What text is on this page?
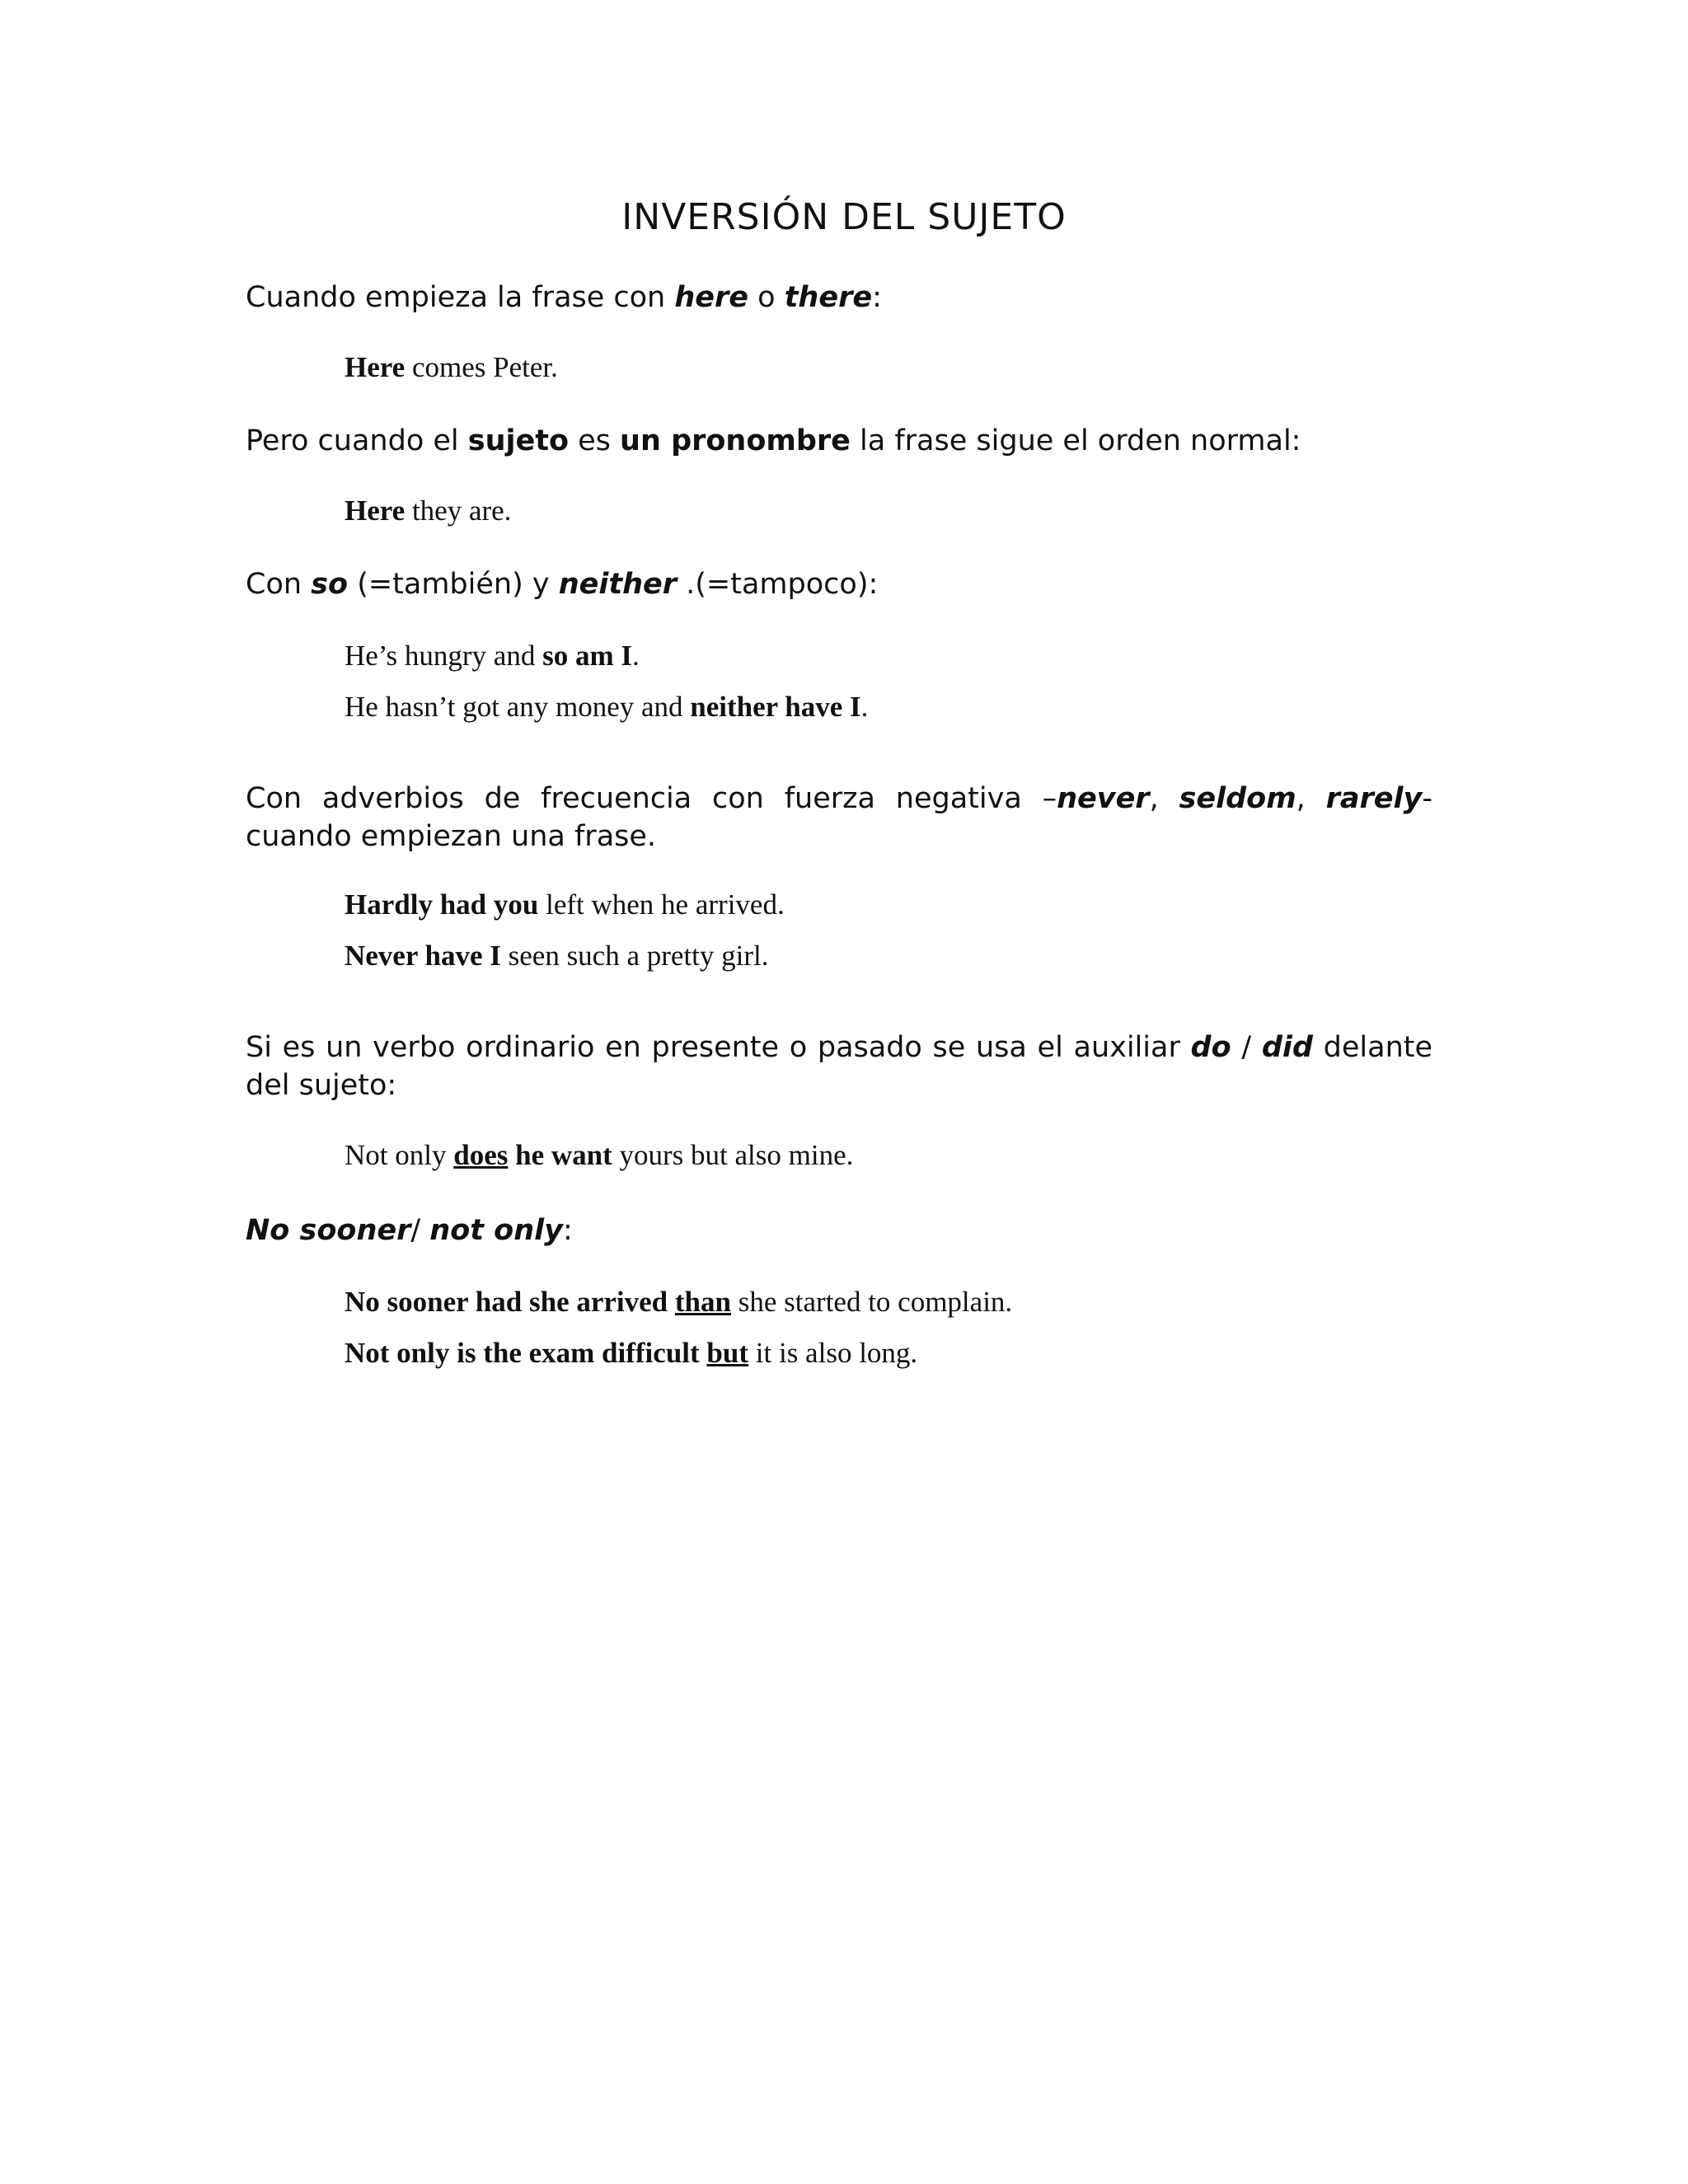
INVERSIÓN DEL SUJETO

Cuando empieza la frase con here o there:

Here comes Peter.

Pero cuando el sujeto es un pronombre la frase sigue el orden normal:

Here they are.

Con so (=también) y neither .(=tampoco):

He’s hungry and so am I.

He hasn’t got any money and neither have I.

Con adverbios de frecuencia con fuerza negativa –never, seldom, rarely- cuando empiezan una frase.

Hardly had you left when he arrived.

Never have I seen such a pretty girl.

Si es un verbo ordinario en presente o pasado se usa el auxiliar do / did delante del sujeto:

Not only does he want yours but also mine.

No sooner/ not only:

No sooner had she arrived than she started to complain.

Not only is the exam difficult but it is also long.
